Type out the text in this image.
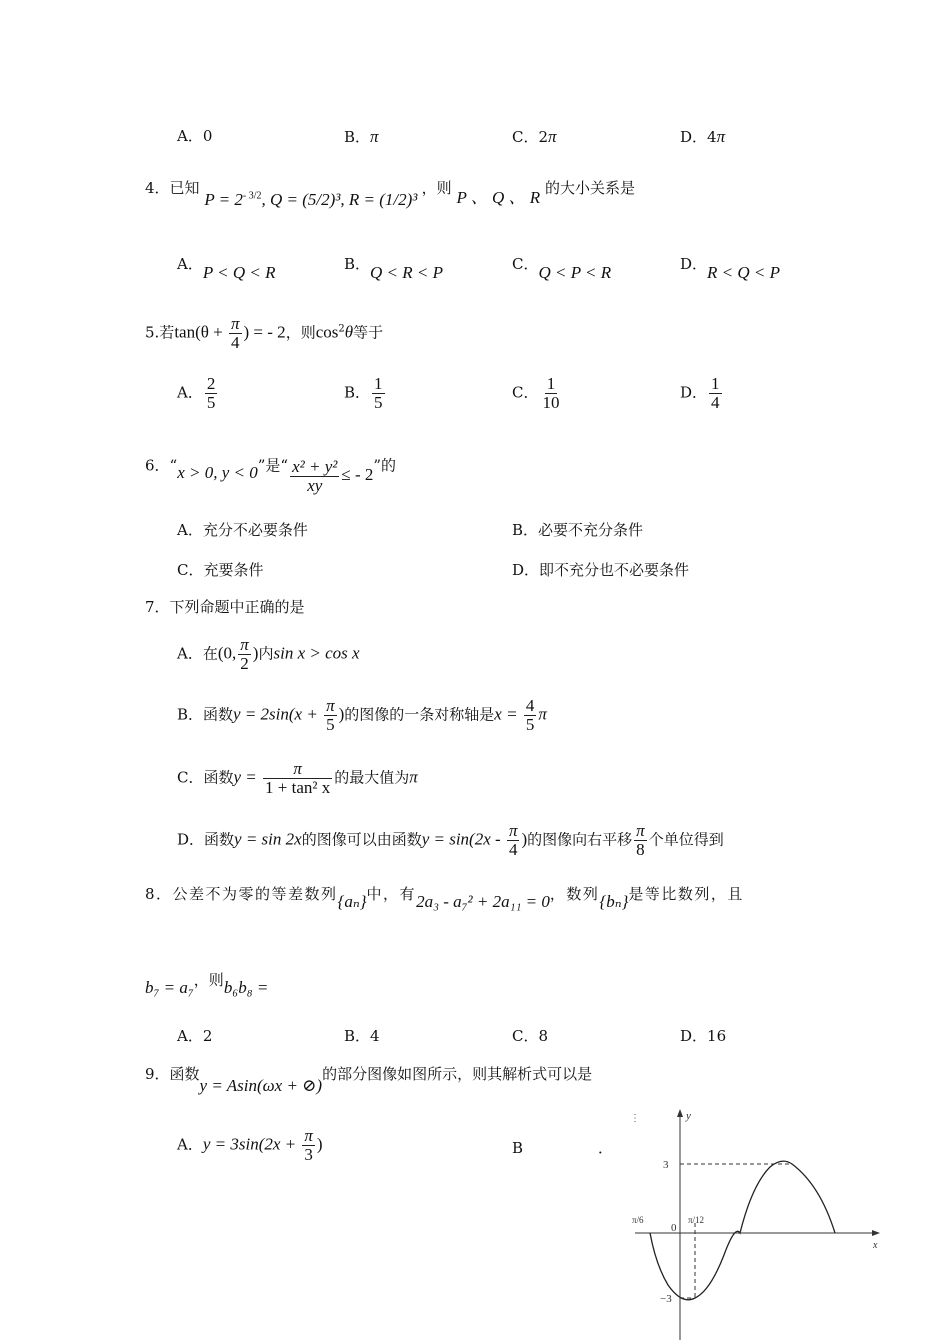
A．0	B．π	C．2π	D．4π
4．已知 $P = 2^{- 3/2}$, Q = (5/2)³, R = (1/2)³ ，则 P 、 Q 、 R 的大小关系是
A．P < Q < R	B．Q < R < P	C．Q < P < R	D．R < Q < P
5.若$\tan(\theta + \frac{\pi}{4}$ ) = - 2，则$\cos^2\theta$等于
A． $\frac{2}{5}$	B． $\frac{1}{5}$	C． $\frac{1}{10}$	D． $\frac{1}{4}$
6．“x > 0, y < 0”是“ $\frac{\text{x² + y²}}{xy}$ ≤ - 2”的
A．充分不必要条件	B．必要不充分条件
C．充要条件	D．即不充分也不必要条件
7．下列命题中正确的是
A．在(0, $\frac{\pi}{2}$ )内sin x > cos x
B．函数$y = 2\sin(x + \frac{\pi}{5}$ )的图像的一条对称轴是$x = \frac{4}{5}$ π
C．函数$y = \frac{\pi}{\text{1 + tan² x}}$ 的最大值为π
D．函数y = sin 2x的图像可以由函数$y = \sin(2x - \frac{\pi}{4}$ )的图像向右平移 $\frac{\pi}{8}$ 个单位得到
8．公差不为零的等差数列{aₙ}中，有2a₃ - a₇² + 2a₁₁ = 0，数列{bₙ}是等比数列，且
b₇ = a₇，则b₆b₈ =
A．2	B．4	C．8	D．16
9．函数y = Asin(ωx + ⊘)的部分图像如图所示，则其解析式可以是
A．$y = 3\sin(2x + \frac{\pi}{3}$ )	B	．
⋮	y
x
3
−3
0
π/6	π/12
